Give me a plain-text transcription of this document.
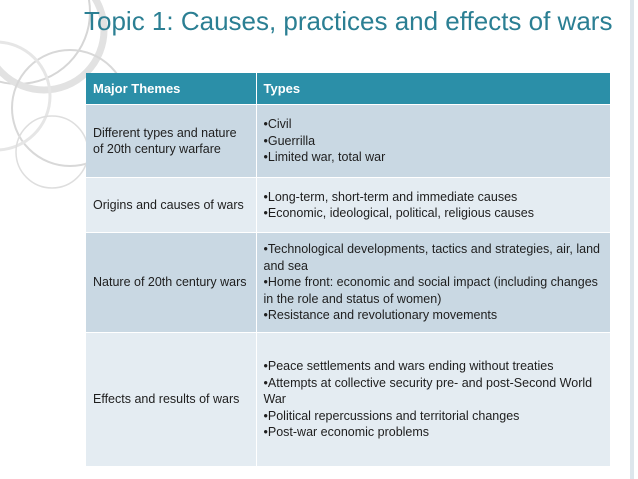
Topic 1: Causes, practices and effects of wars
Major Themes	Types
Different types and nature of 20th century warfare	•Civil
•Guerrilla
•Limited war, total war

Origins and causes of wars	•Long-term, short-term and immediate causes
•Economic, ideological, political, religious causes

Nature of 20th century wars	•Technological developments, tactics and strategies, air, land and sea
•Home front: economic and social impact (including changes in the role and status of women)
•Resistance and revolutionary movements

Effects and results of wars	•Peace settlements and wars ending without treaties
•Attempts at collective security pre- and post-Second World War
•Political repercussions and territorial changes
•Post-war economic problems
